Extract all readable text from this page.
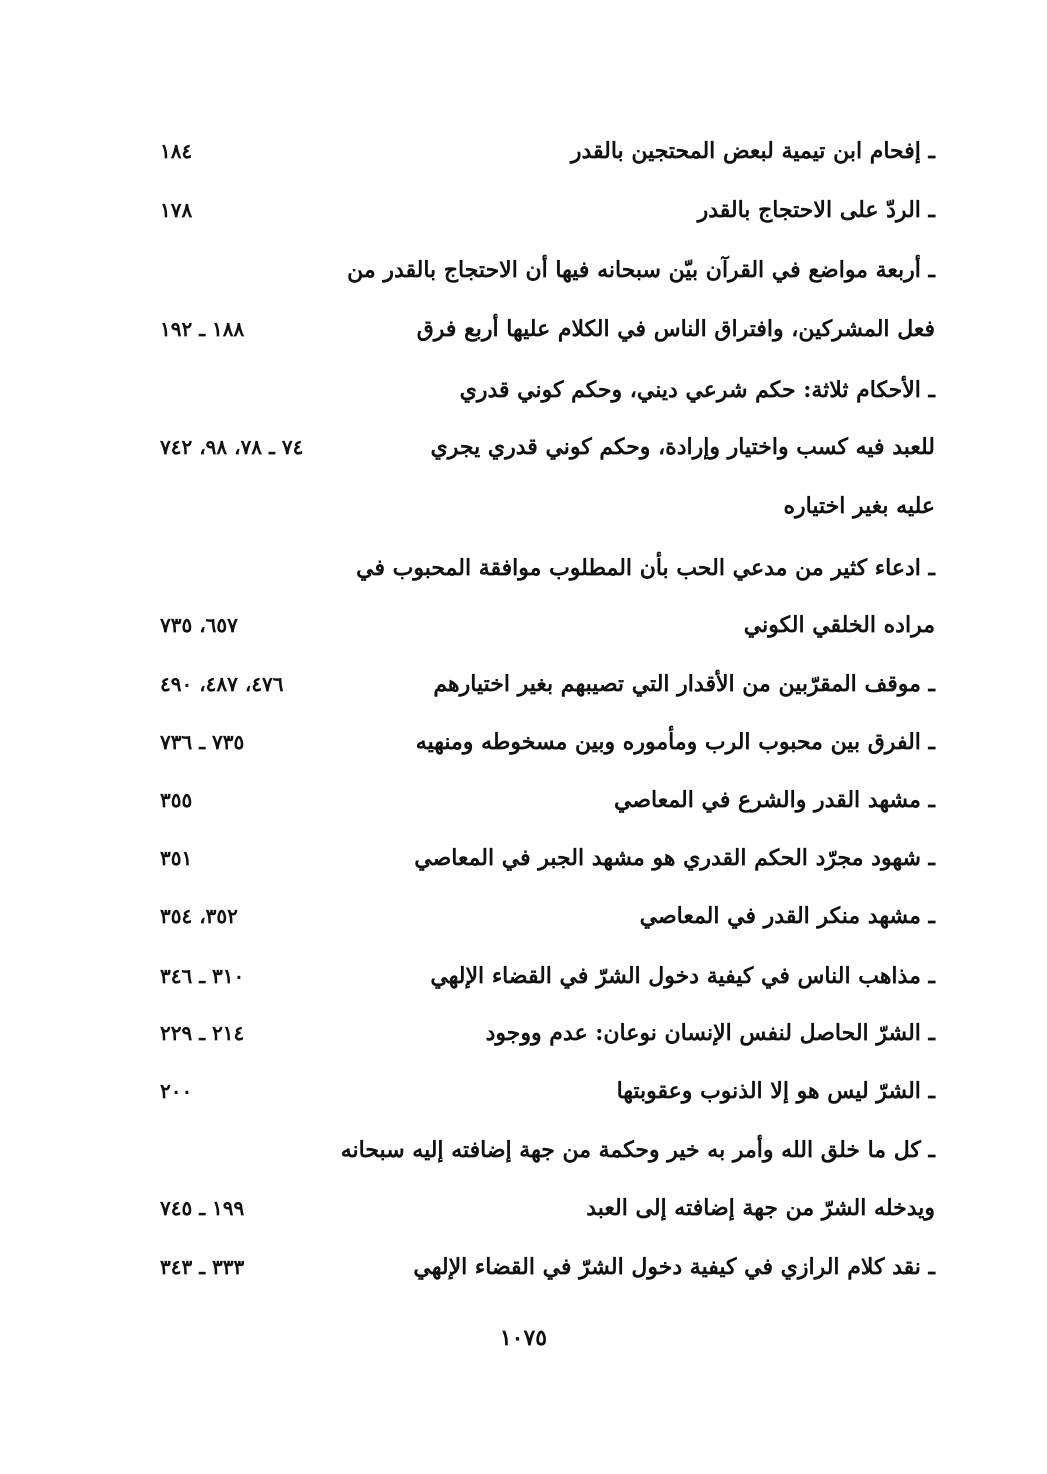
ـ إفحام ابن تيمية لبعض المحتجين بالقدر
١٨٤
ـ الردّ على الاحتجاج بالقدر
١٧٨
ـ أربعة مواضع في القرآن بيّن سبحانه فيها أن الاحتجاج بالقدر من
فعل المشركين، وافتراق الناس في الكلام عليها أربع فرق
١٨٨ ـ ١٩٢
ـ الأحكام ثلاثة: حكم شرعي ديني، وحكم كوني قدري
للعبد فيه كسب واختيار وإرادة، وحكم كوني قدري يجري
٧٤ ـ ٧٨، ٩٨، ٧٤٢
عليه بغير اختياره
ـ ادعاء كثير من مدعي الحب بأن المطلوب موافقة المحبوب في
مراده الخلقي الكوني
٦٥٧، ٧٣٥
ـ موقف المقرّبين من الأقدار التي تصيبهم بغير اختيارهم
٤٧٦، ٤٨٧، ٤٩٠
ـ الفرق بين محبوب الرب ومأموره وبين مسخوطه ومنهيه
٧٣٥ ـ ٧٣٦
ـ مشهد القدر والشرع في المعاصي
٣٥٥
ـ شهود مجرّد الحكم القدري هو مشهد الجبر في المعاصي
٣٥١
ـ مشهد منكر القدر في المعاصي
٣٥٢، ٣٥٤
ـ مذاهب الناس في كيفية دخول الشرّ في القضاء الإلهي
٣١٠ ـ ٣٤٦
ـ الشرّ الحاصل لنفس الإنسان نوعان: عدم ووجود
٢١٤ ـ ٢٢٩
ـ الشرّ ليس هو إلا الذنوب وعقوبتها
٢٠٠
ـ كل ما خلق الله وأمر به خير وحكمة من جهة إضافته إليه سبحانه
ويدخله الشرّ من جهة إضافته إلى العبد
١٩٩ ـ ٧٤٥
ـ نقد كلام الرازي في كيفية دخول الشرّ في القضاء الإلهي
٣٣٣ ـ ٣٤٣
١٠٧٥
